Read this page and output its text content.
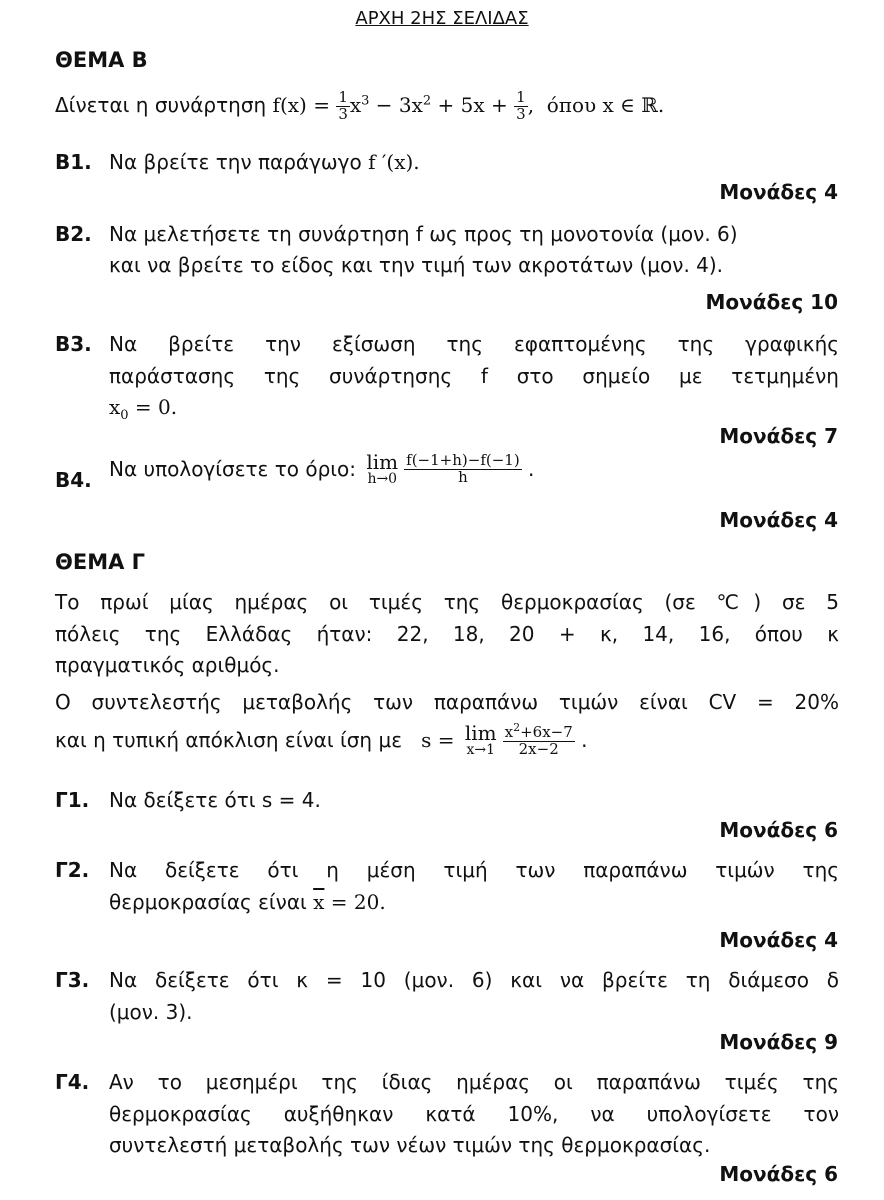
ΑΡΧΗ 2ΗΣ ΣΕΛΙΔΑΣ
ΘΕΜΑ Β
Δίνεται η συνάρτηση $f(x) = \frac{1}{3} x^3 - 3x^2 + 5x + \frac{1}{3}$ , όπου x ∈ ℝ.
Β1. Να βρείτε την παράγωγο f ′(x).
Μονάδες 4
Β2. Να μελετήσετε τη συνάρτηση f ως προς τη μονοτονία (μον. 6)
και να βρείτε το είδος και την τιμή των ακροτάτων (μον. 4).
Μονάδες 10
Β3. Να βρείτε την εξίσωση της εφαπτομένης της γραφικής
παράστασης της συνάρτησης f στο σημείο με τετμημένη
$x_0 = 0$.
Μονάδες 7
Β4. Να υπολογίσετε το όριο: lim
$h\to 0 \frac{f(-1+h)-f(-1)}{h}$ .
Μονάδες 4
ΘΕΜΑ Γ
Το πρωί μίας ημέρας οι τιμές της θερμοκρασίας (σε ℃) σε 5
πόλεις της Ελλάδας ήταν: 22, 18, 20 + κ, 14, 16, όπου κ
πραγματικός αριθμός.
Ο συντελεστής μεταβολής των παραπάνω τιμών είναι CV = 20%
και η τυπική απόκλιση είναι ίση με s = lim
$x\to 1 \frac{x^2+6x-7}{2x-2}$ .
Γ1. Να δείξετε ότι s = 4.
Μονάδες 6
Γ2. Να δείξετε ότι η μέση τιμή των παραπάνω τιμών της
θερμοκρασίας είναι $\overline{x} = 20$.
Μονάδες 4
Γ3. Να δείξετε ότι κ = 10 (μον. 6) και να βρείτε τη διάμεσο δ
(μον. 3).
Μονάδες 9
Γ4. Αν το μεσημέρι της ίδιας ημέρας οι παραπάνω τιμές της
θερμοκρασίας αυξήθηκαν κατά 10%, να υπολογίσετε τον
συντελεστή μεταβολής των νέων τιμών της θερμοκρασίας.
Μονάδες 6
